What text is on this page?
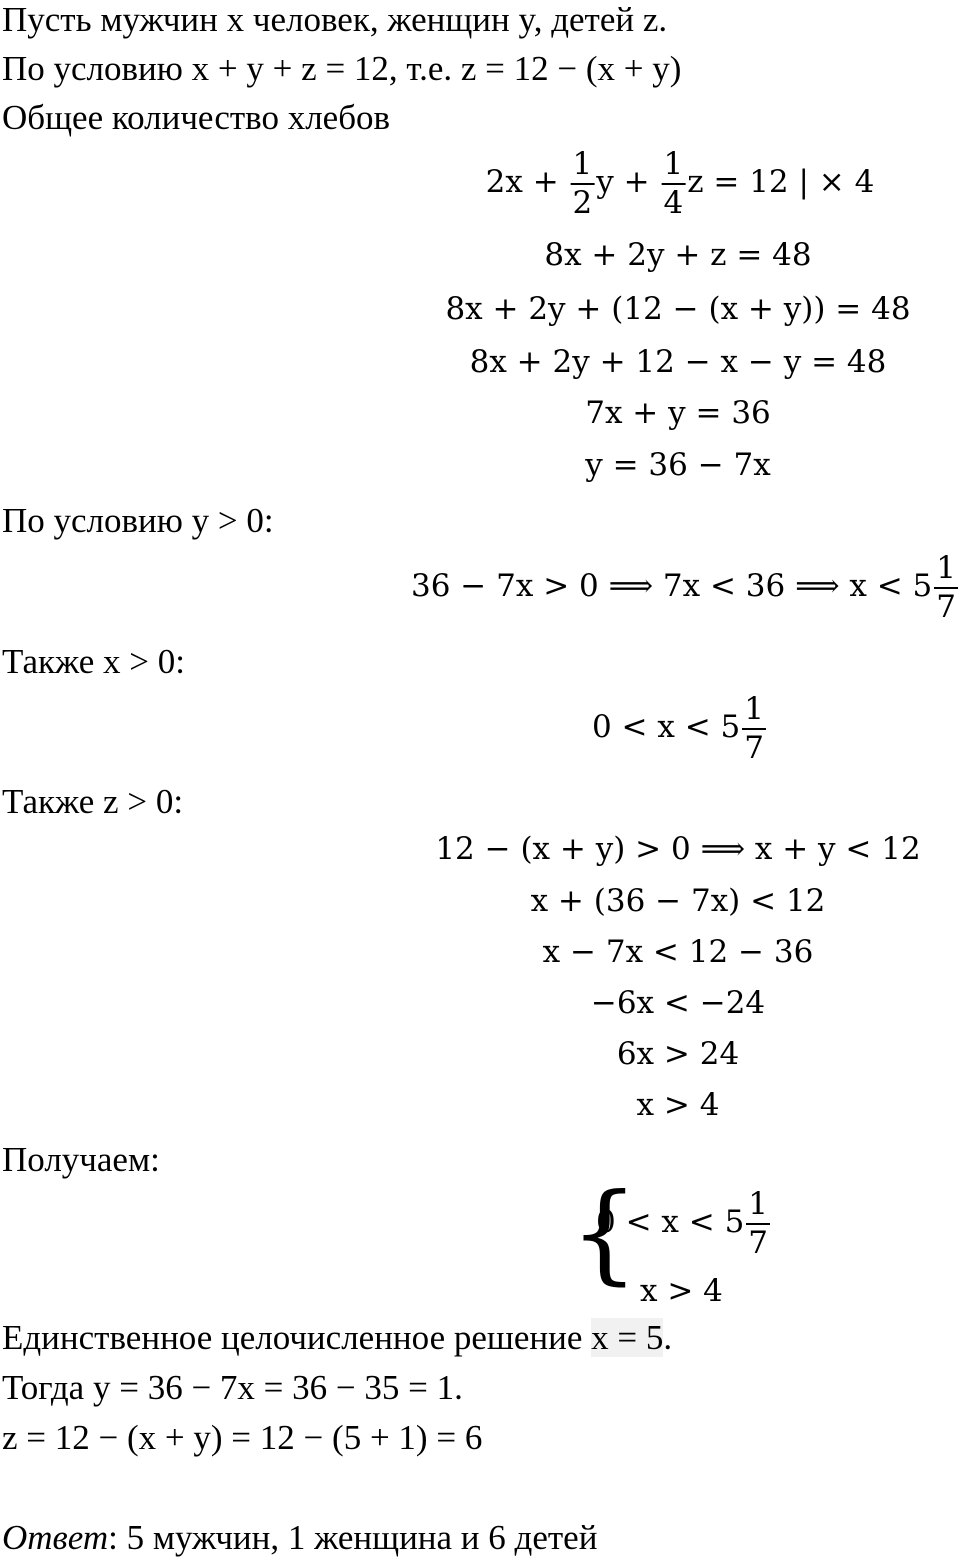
Пусть мужчин x человек, женщин y, детей z.
По условию x + y + z = 12, т.е. z = 12 − (x + y)
Общее количество хлебов
$2x + \frac{1}{2}$ $y + \frac{1}{4}$ z = 12 | × 4
8x + 2y + z = 48
8x + 2y + (12 − (x + y)) = 48
8x + 2y + 12 − x − y = 48
7x + y = 36
y = 36 − 7x
По условию y > 0:
36 − 7x > 0 ⟹ 7x < 36 ⟹ $x < 5 \frac{1}{7}$
Также x > 0:
$0 < x < 5 \frac{1}{7}$
Также z > 0:
12 − (x + y) > 0 ⟹ x + y < 12
x + (36 − 7x) < 12
x − 7x < 12 − 36
−6x < −24
6x > 24
x > 4
Получаем:
{
$0 < x < 5 \frac{1}{7}$
x > 4
Единственное целочисленное решение x = 5.
Тогда y = 36 − 7x = 36 − 35 = 1.
z = 12 − (x + y) = 12 − (5 + 1) = 6
Ответ: 5 мужчин, 1 женщина и 6 детей
